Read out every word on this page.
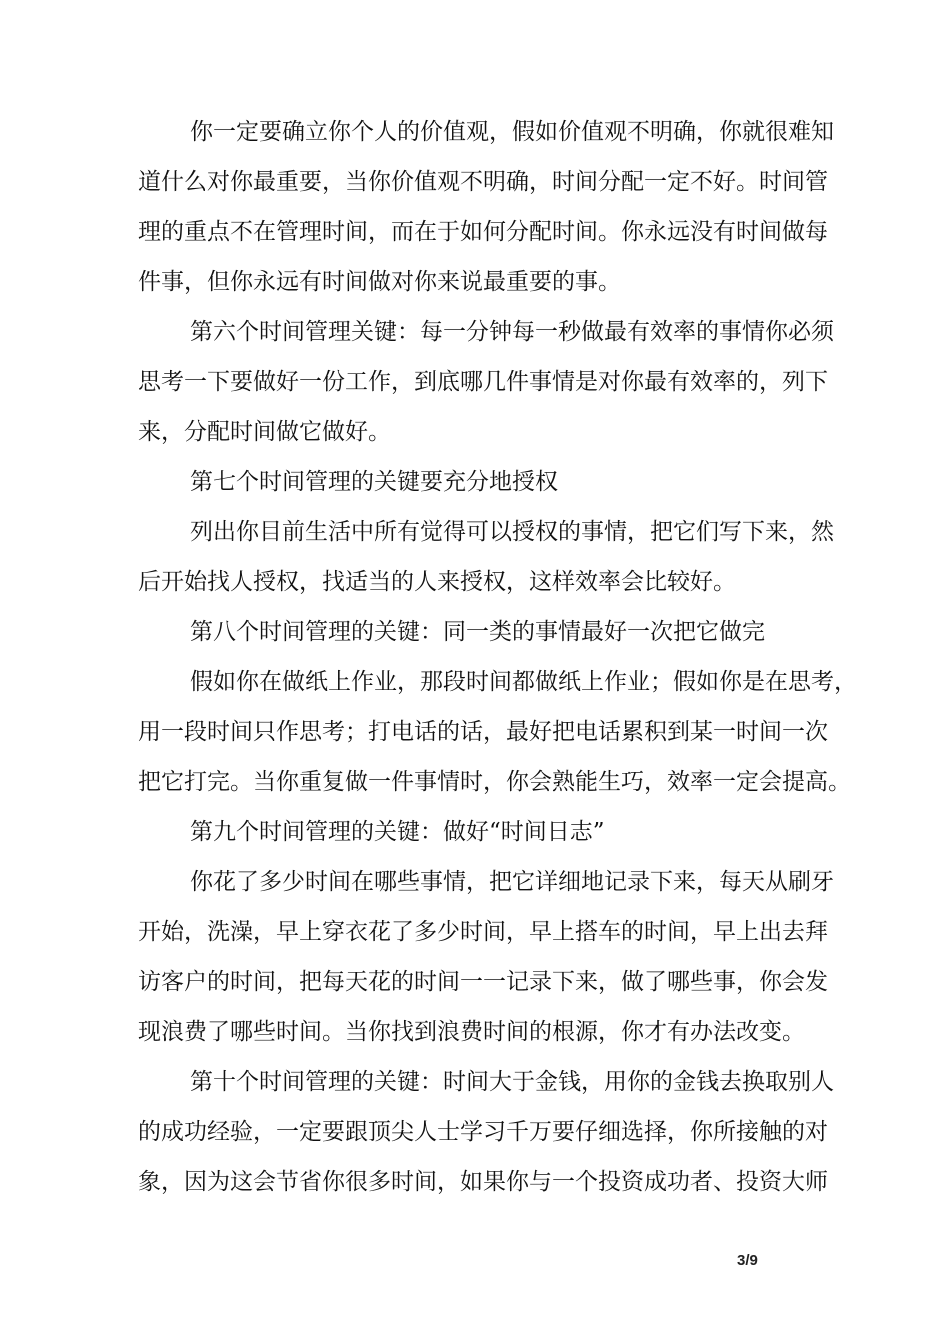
你一定要确立你个人的价值观，假如价值观不明确，你就很难知
道什么对你最重要，当你价值观不明确，时间分配一定不好。时间管
理的重点不在管理时间，而在于如何分配时间。你永远没有时间做每
件事，但你永远有时间做对你来说最重要的事。
第六个时间管理关键：每一分钟每一秒做最有效率的事情你必须
思考一下要做好一份工作，到底哪几件事情是对你最有效率的，列下
来，分配时间做它做好。
第七个时间管理的关键要充分地授权
列出你目前生活中所有觉得可以授权的事情，把它们写下来，然
后开始找人授权，找适当的人来授权，这样效率会比较好。
第八个时间管理的关键：同一类的事情最好一次把它做完
假如你在做纸上作业，那段时间都做纸上作业；假如你是在思考，
用一段时间只作思考；打电话的话，最好把电话累积到某一时间一次
把它打完。当你重复做一件事情时，你会熟能生巧，效率一定会提高。
第九个时间管理的关键：做好“时间日志”
你花了多少时间在哪些事情，把它详细地记录下来，每天从刷牙
开始，洗澡，早上穿衣花了多少时间，早上搭车的时间，早上出去拜
访客户的时间，把每天花的时间一一记录下来，做了哪些事，你会发
现浪费了哪些时间。当你找到浪费时间的根源，你才有办法改变。
第十个时间管理的关键：时间大于金钱，用你的金钱去换取别人
的成功经验，一定要跟顶尖人士学习千万要仔细选择，你所接触的对
象，因为这会节省你很多时间，如果你与一个投资成功者、投资大师
3/9
